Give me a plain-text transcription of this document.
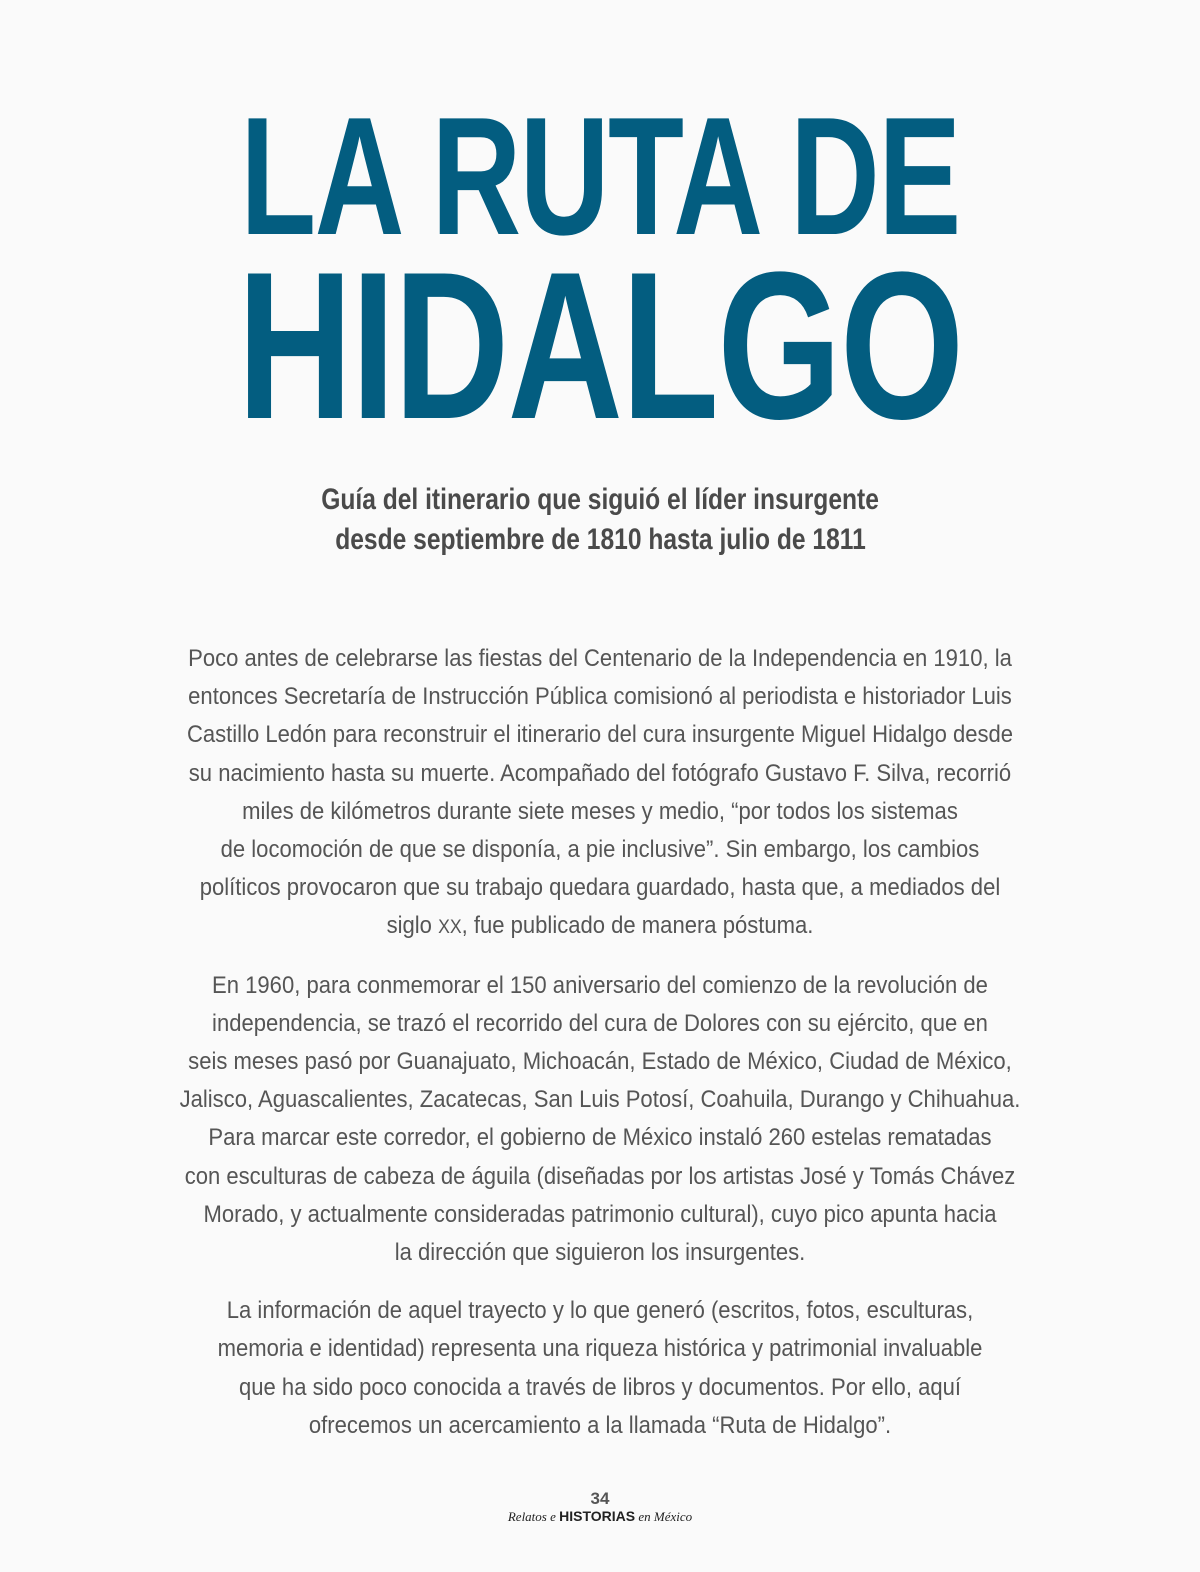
LA RUTA DE
HIDALGO
Guía del itinerario que siguió el líder insurgente
desde septiembre de 1810 hasta julio de 1811

Poco antes de celebrarse las fiestas del Centenario de la Independencia en 1910, la
entonces Secretaría de Instrucción Pública comisionó al periodista e historiador Luis
Castillo Ledón para reconstruir el itinerario del cura insurgente Miguel Hidalgo desde
su nacimiento hasta su muerte. Acompañado del fotógrafo Gustavo F. Silva, recorrió
miles de kilómetros durante siete meses y medio, “por todos los sistemas
de locomoción de que se disponía, a pie inclusive”. Sin embargo, los cambios
políticos provocaron que su trabajo quedara guardado, hasta que, a mediados del
siglo XX, fue publicado de manera póstuma.

En 1960, para conmemorar el 150 aniversario del comienzo de la revolución de
independencia, se trazó el recorrido del cura de Dolores con su ejército, que en
seis meses pasó por Guanajuato, Michoacán, Estado de México, Ciudad de México,
Jalisco, Aguascalientes, Zacatecas, San Luis Potosí, Coahuila, Durango y Chihuahua.
Para marcar este corredor, el gobierno de México instaló 260 estelas rematadas
con esculturas de cabeza de águila (diseñadas por los artistas José y Tomás Chávez
Morado, y actualmente consideradas patrimonio cultural), cuyo pico apunta hacia
la dirección que siguieron los insurgentes.

La información de aquel trayecto y lo que generó (escritos, fotos, esculturas,
memoria e identidad) representa una riqueza histórica y patrimonial invaluable
que ha sido poco conocida a través de libros y documentos. Por ello, aquí
ofrecemos un acercamiento a la llamada “Ruta de Hidalgo”.

34
Relatos e HISTORIAS en México
